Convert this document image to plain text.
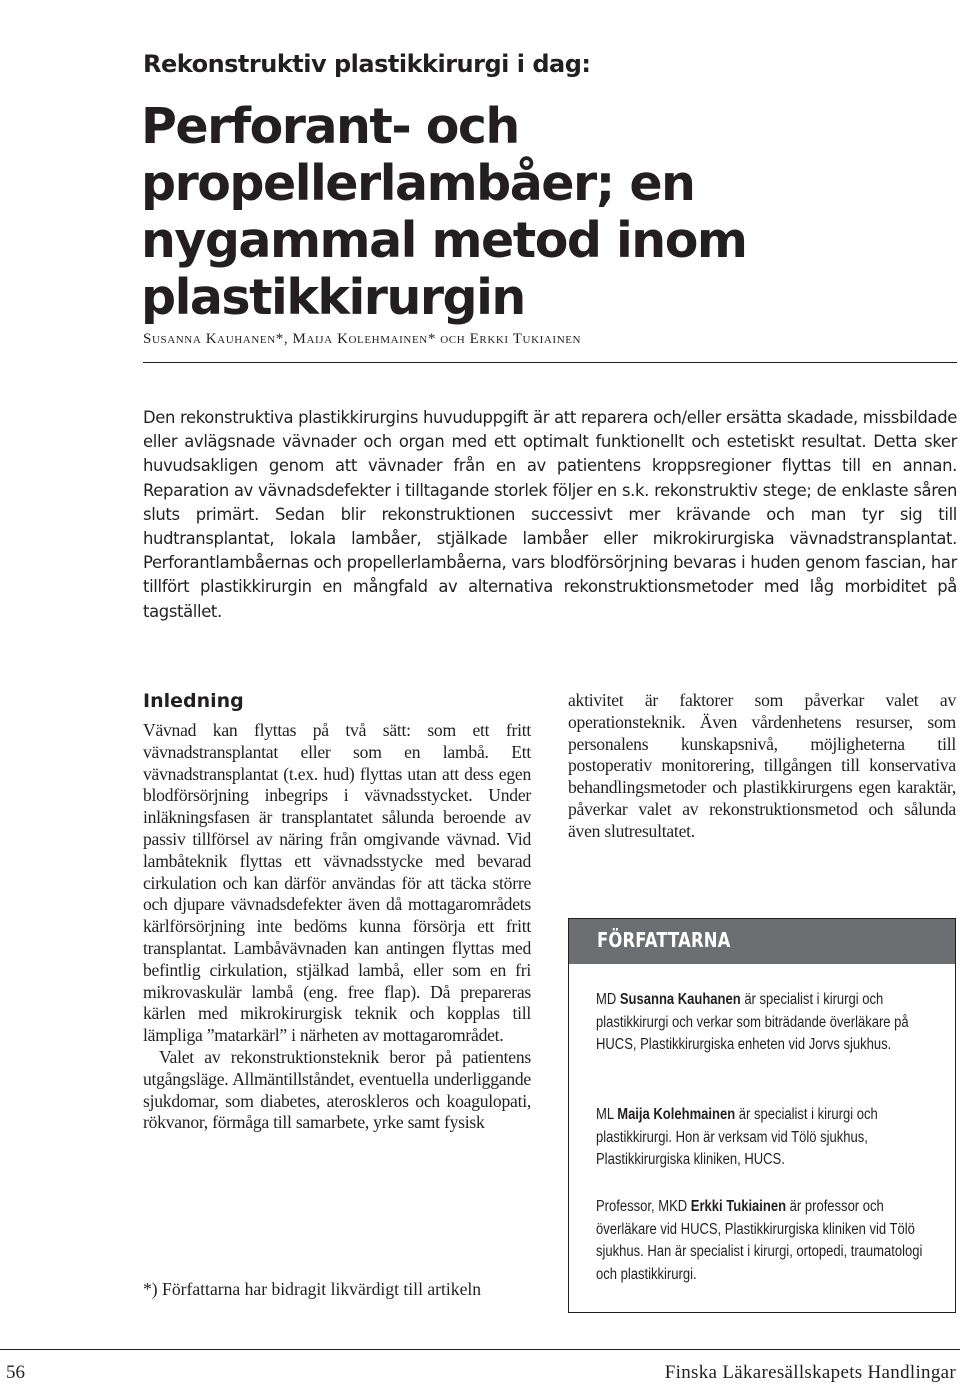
Rekonstruktiv plastikkirurgi i dag:
Perforant- och propellerlambåer; en nygammal metod inom plastikkirurgin
Susanna Kauhanen*, Maija Kolehmainen* och Erkki Tukiainen

Den rekonstruktiva plastikkirurgins huvuduppgift är att reparera och/eller ersätta skadade, missbildade eller avlägsnade vävnader och organ med ett optimalt funktionellt och estetiskt resultat. Detta sker huvudsakligen genom att vävnader från en av patientens kroppsregioner flyttas till en annan. Reparation av vävnadsdefekter i tilltagande storlek följer en s.k. rekonstruktiv stege; de enklaste såren sluts primärt. Sedan blir rekonstruktionen successivt mer krävande och man tyr sig till hudtransplantat, lokala lambåer, stjälkade lambåer eller mikrokirurgiska vävnadstransplantat. Perforantlambåernas och propellerlambåerna, vars blodförsörjning bevaras i huden genom fascian, har tillfört plastikkirurgin en mångfald av alternativa rekonstruktionsmetoder med låg morbiditet på tagstället.

Inledning

Vävnad kan flyttas på två sätt: som ett fritt vävnadstransplantat eller som en lambå. Ett vävnadstransplantat (t.ex. hud) flyttas utan att dess egen blodförsörjning inbegrips i vävnadsstycket. Under inläkningsfasen är transplantatet sålunda beroende av passiv tillförsel av näring från omgivande vävnad. Vid lambåteknik flyttas ett vävnadsstycke med bevarad cirkulation och kan därför användas för att täcka större och djupare vävnadsdefekter även då mottagarområdets kärlförsörjning inte bedöms kunna försörja ett fritt transplantat. Lambåvävnaden kan antingen flyttas med befintlig cirkulation, stjälkad lambå, eller som en fri mikrovaskulär lambå (eng. free flap). Då prepareras kärlen med mikrokirurgisk teknik och kopplas till lämpliga ”matarkärl” i närheten av mottagarområdet.

Valet av rekonstruktionsteknik beror på patientens utgångsläge. Allmäntillståndet, eventuella underliggande sjukdomar, som diabetes, ateroskleros och koagulopati, rökvanor, förmåga till samarbete, yrke samt fysisk

*) Författarna har bidragit likvärdigt till artikeln

aktivitet är faktorer som påverkar valet av operationsteknik. Även vårdenhetens resurser, som personalens kunskapsnivå, möjligheterna till postoperativ monitorering, tillgången till konservativa behandlingsmetoder och plastikkirurgens egen karaktär, påverkar valet av rekonstruktionsmetod och sålunda även slutresultatet.

FÖRFATTARNA

MD Susanna Kauhanen är specialist i kirurgi och plastikkirurgi och verkar som biträdande överläkare på HUCS, Plastikkirurgiska enheten vid Jorvs sjukhus.

ML Maija Kolehmainen är specialist i kirurgi och plastikkirurgi. Hon är verksam vid Tölö sjukhus, Plastikkirurgiska kliniken, HUCS.

Professor, MKD Erkki Tukiainen är professor och överläkare vid HUCS, Plastikkirurgiska kliniken vid Tölö sjukhus. Han är specialist i kirurgi, ortopedi, traumatologi och plastikkirurgi.

56	Finska Läkaresällskapets Handlingar
